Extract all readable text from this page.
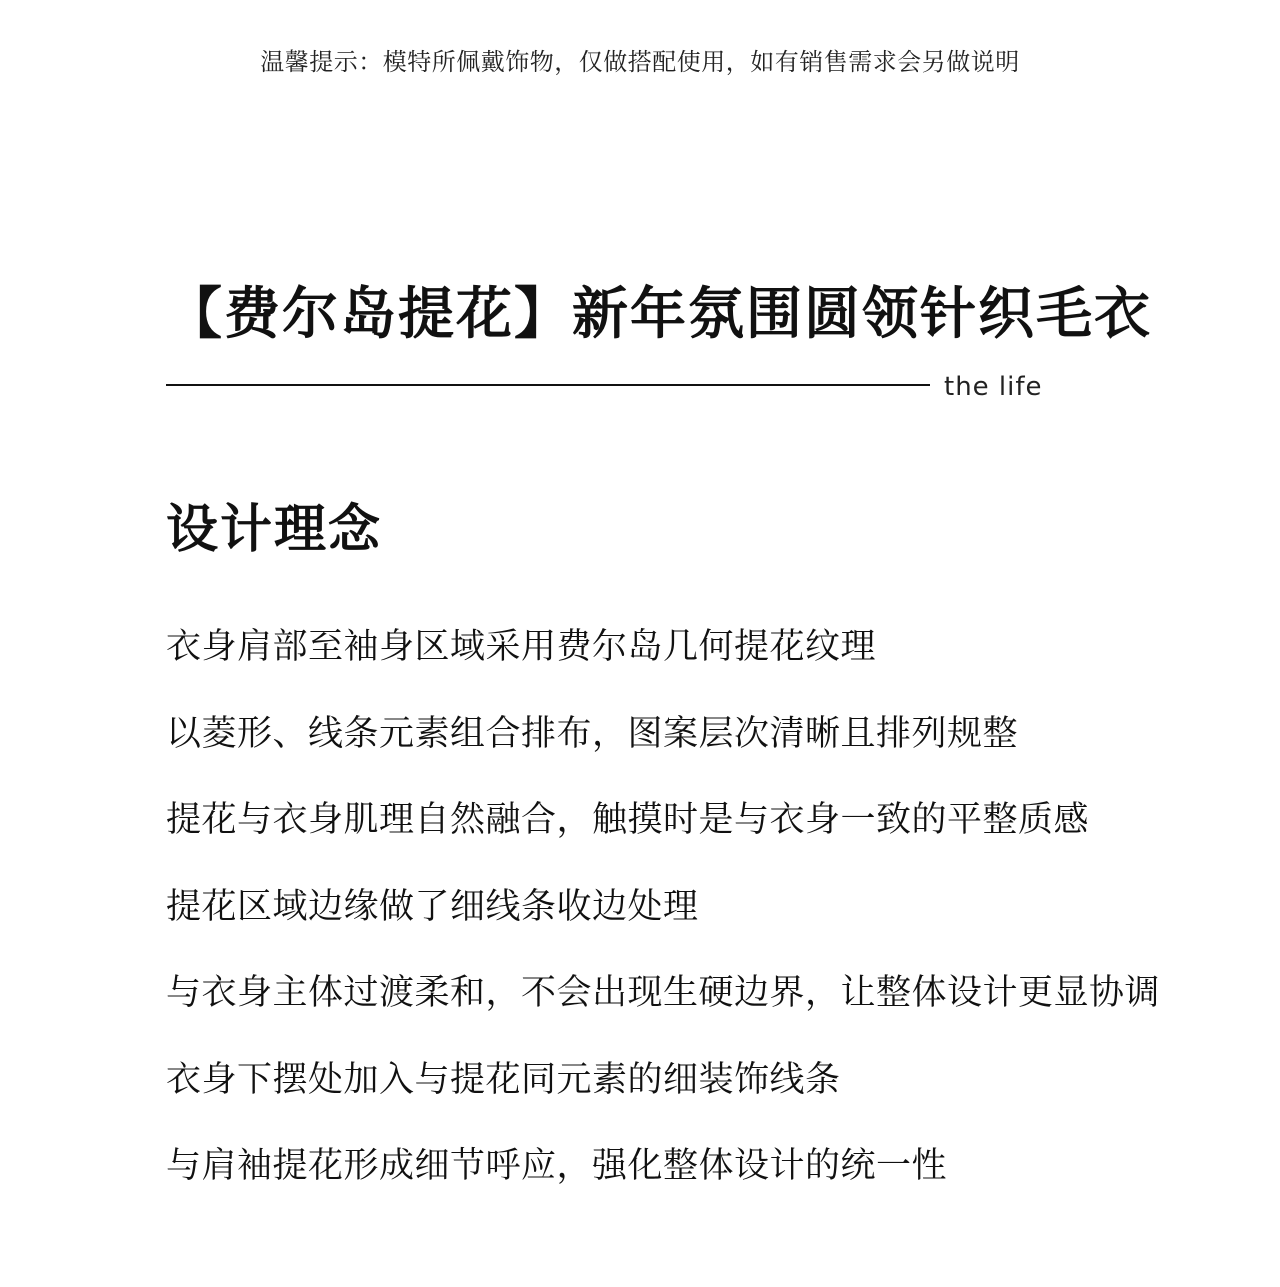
温馨提示：模特所佩戴饰物，仅做搭配使用，如有销售需求会另做说明
【费尔岛提花】新年氛围圆领针织毛衣
the life
设计理念
衣身肩部至袖身区域采用费尔岛几何提花纹理
以菱形、线条元素组合排布，图案层次清晰且排列规整
提花与衣身肌理自然融合，触摸时是与衣身一致的平整质感
提花区域边缘做了细线条收边处理
与衣身主体过渡柔和，不会出现生硬边界，让整体设计更显协调
衣身下摆处加入与提花同元素的细装饰线条
与肩袖提花形成细节呼应，强化整体设计的统一性
